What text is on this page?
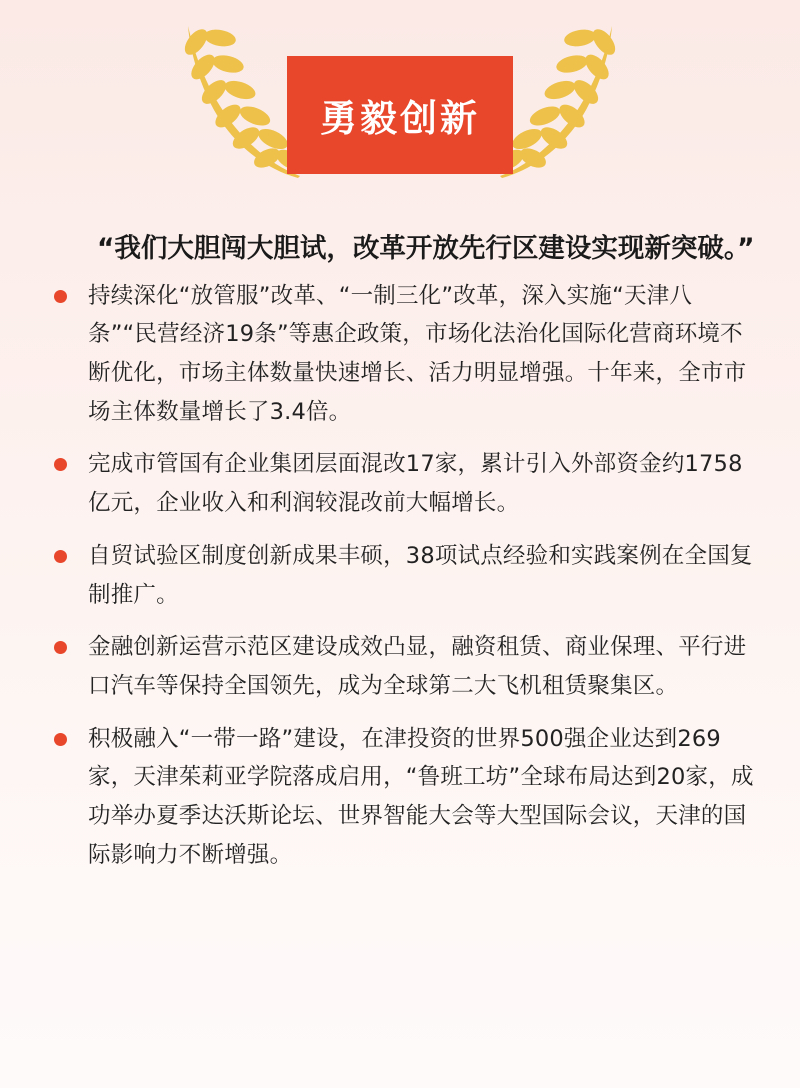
勇毅创新

“我们大胆闯大胆试，改革开放先行区建设实现新突破。”

持续深化“放管服”改革、“一制三化”改革，深入实施“天津八条”“民营经济19条”等惠企政策，市场化法治化国际化营商环境不断优化，市场主体数量快速增长、活力明显增强。十年来，全市市场主体数量增长了3.4倍。
完成市管国有企业集团层面混改17家，累计引入外部资金约1758亿元，企业收入和利润较混改前大幅增长。
自贸试验区制度创新成果丰硕，38项试点经验和实践案例在全国复制推广。
金融创新运营示范区建设成效凸显，融资租赁、商业保理、平行进口汽车等保持全国领先，成为全球第二大飞机租赁聚集区。
积极融入“一带一路”建设，在津投资的世界500强企业达到269家，天津茱莉亚学院落成启用，“鲁班工坊”全球布局达到20家，成功举办夏季达沃斯论坛、世界智能大会等大型国际会议，天津的国际影响力不断增强。
